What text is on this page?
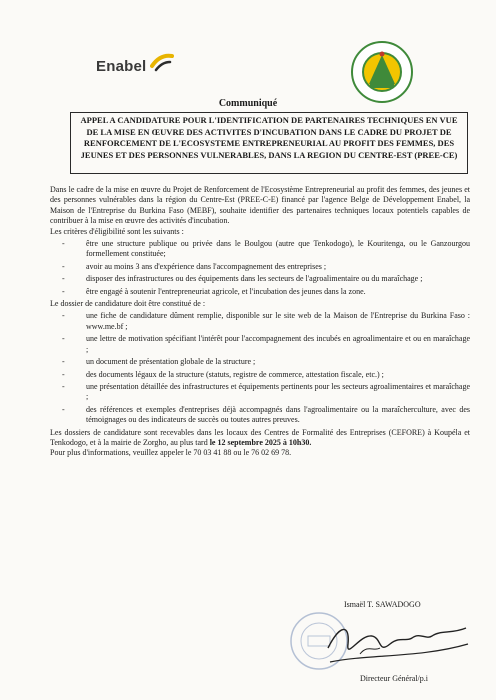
Enabel
Communiqué
APPEL A CANDIDATURE POUR L'IDENTIFICATION DE PARTENAIRES TECHNIQUES EN VUE DE LA MISE EN ŒUVRE DES ACTIVITES D'INCUBATION DANS LE CADRE DU PROJET DE RENFORCEMENT DE L'ECOSYSTEME ENTREPRENEURIAL AU PROFIT DES FEMMES, DES JEUNES ET DES PERSONNES VULNERABLES, DANS LA REGION DU CENTRE-EST (PREE-CE)

Dans le cadre de la mise en œuvre du Projet de Renforcement de l'Ecosystème Entrepreneurial au profit des femmes, des jeunes et des personnes vulnérables dans la région du Centre-Est (PREE-C-E) financé par l'agence Belge de Développement Enabel, la Maison de l'Entreprise du Burkina Faso (MEBF), souhaite identifier des partenaires techniques locaux potentiels capables de contribuer à la mise en œuvre des activités d'incubation.

Les critères d'éligibilité sont les suivants :

- être une structure publique ou privée dans le Boulgou (autre que Tenkodogo), le Kouritenga, ou le Ganzourgou formellement constituée;
- avoir au moins 3 ans d'expérience dans l'accompagnement des entreprises ;
- disposer des infrastructures ou des équipements dans les secteurs de l'agroalimentaire ou du maraîchage ;
- être engagé à soutenir l'entrepreneuriat agricole, et l'incubation des jeunes dans la zone.

Le dossier de candidature doit être constitué de :

- une fiche de candidature dûment remplie, disponible sur le site web de la Maison de l'Entreprise du Burkina Faso : www.me.bf ;
- une lettre de motivation spécifiant l'intérêt pour l'accompagnement des incubés en agroalimentaire et ou en maraîchage ;
- un document de présentation globale de la structure ;
- des documents légaux de la structure (statuts, registre de commerce, attestation fiscale, etc.) ;
- une présentation détaillée des infrastructures et équipements pertinents pour les secteurs agroalimentaires et maraîchage ;
- des références et exemples d'entreprises déjà accompagnés dans l'agroalimentaire ou la maraîcherculture, avec des témoignages ou des indicateurs de succès ou toutes autres preuves.

Les dossiers de candidature sont recevables dans les locaux des Centres de Formalité des Entreprises (CEFORE) à Koupéla et Tenkodogo, et à la mairie de Zorgho, au plus tard le 12 septembre 2025 à 10h30.

Pour plus d'informations, veuillez appeler le 70 03 41 88 ou le 76 02 69 78.

Ismaël T. SAWADOGO
Directeur Général/p.i
